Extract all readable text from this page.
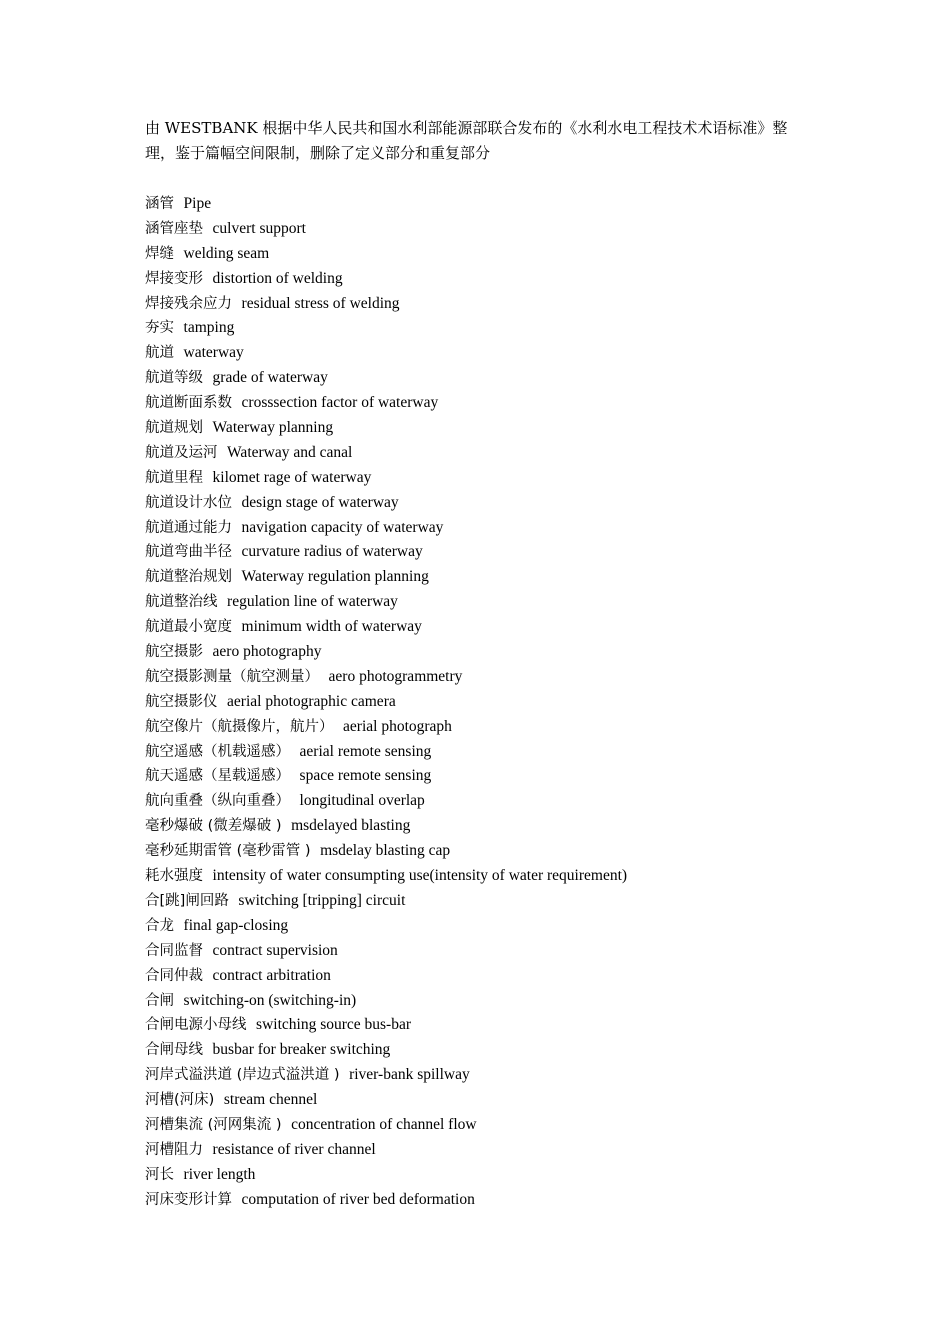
由 WESTBANK 根据中华人民共和国水利部能源部联合发布的《水利水电工程技术术语标准》整理，鉴于篇幅空间限制，删除了定义部分和重复部分

涵管 Pipe
涵管座垫 culvert support
焊缝 welding seam
焊接变形 distortion of welding
焊接残余应力 residual stress of welding
夯实 tamping
航道 waterway
航道等级 grade of waterway
航道断面系数 crosssection factor of waterway
航道规划 Waterway planning
航道及运河 Waterway and canal
航道里程 kilomet rage of waterway
航道设计水位 design stage of waterway
航道通过能力 navigation capacity of waterway
航道弯曲半径 curvature radius of waterway
航道整治规划 Waterway regulation planning
航道整治线 regulation line of waterway
航道最小宽度 minimum width of waterway
航空摄影 aero photography
航空摄影测量（航空测量） aero photogrammetry
航空摄影仪 aerial photographic camera
航空像片（航摄像片，航片） aerial photograph
航空遥感（机载遥感） aerial remote sensing
航天遥感（星载遥感） space remote sensing
航向重叠（纵向重叠） longitudinal overlap
毫秒爆破 (微差爆破 ) msdelayed blasting
毫秒延期雷管 (毫秒雷管 ) msdelay blasting cap
耗水强度 intensity of water consumpting use(intensity of water requirement)
合[跳]闸回路 switching [tripping] circuit
合龙 final gap-closing
合同监督 contract supervision
合同仲裁 contract arbitration
合闸 switching-on (switching-in)
合闸电源小母线 switching source bus-bar
合闸母线 busbar for breaker switching
河岸式溢洪道 (岸边式溢洪道 ) river-bank spillway
河槽(河床) stream chennel
河槽集流 (河网集流 ) concentration of channel flow
河槽阻力 resistance of river channel
河长 river length
河床变形计算 computation of river bed deformation
